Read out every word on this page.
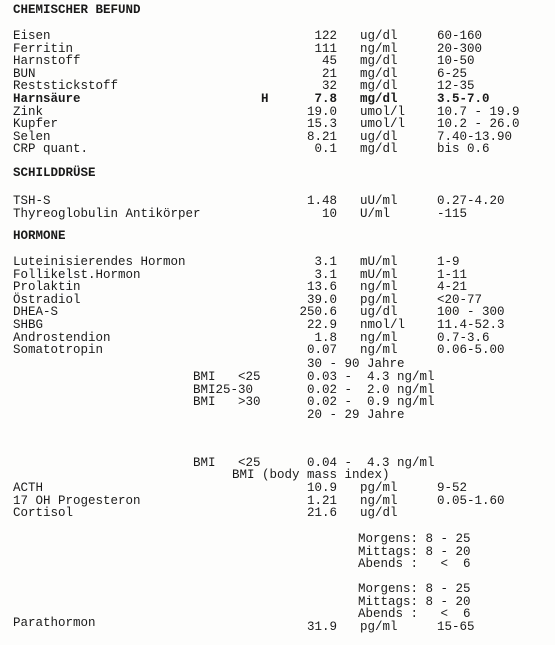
CHEMISCHER BEFUND
Eisen	122 ug/dl	60-160
Ferritin	111 ng/ml	20-300
Harnstoff	45 mg/dl	10-50
BUN	21 mg/dl	6-25
Reststickstoff	32 mg/dl	12-35
Harnsäure	H	7.8 mg/dl	3.5-7.0
Zink	19.0 umol/l	10.7 - 19.9
Kupfer	15.3 umol/l	10.2 - 26.0
Selen	8.21 ug/dl	7.40-13.90
CRP quant.	0.1 mg/dl	bis 0.6
SCHILDDRÜSE
TSH-S	1.48 uU/ml	0.27-4.20
Thyreoglobulin Antikörper	10 U/ml	-115
HORMONE
Luteinisierendes Hormon	3.1 mU/ml	1-9
Follikelst.Hormon	3.1 mU/ml	1-11
Prolaktin	13.6 ng/ml	4-21
Östradiol	39.0 pg/ml	<20-77
DHEA-S	250.6 ug/dl	100 - 300
SHBG	22.9 nmol/l	11.4-52.3
Androstendion	1.8 ng/ml	0.7-3.6
Somatotropin	0.07 ng/ml	0.06-5.00
30 - 90 Jahre
BMI   <25	0.03 -  4.3 ng/ml
BMI25-30	0.02 -  2.0 ng/ml
BMI   >30	0.02 -  0.9 ng/ml
20 - 29 Jahre
BMI   <25	0.04 -  4.3 ng/ml
BMI (body mass index)
ACTH	10.9 pg/ml	9-52
17 OH Progesteron	1.21 ng/ml	0.05-1.60
Cortisol	21.6 ug/dl
Morgens: 8 - 25
Mittags: 8 - 20
Abends :   <  6
Morgens: 8 - 25
Mittags: 8 - 20
Abends :   <  6
Parathormon	31.9 pg/ml	15-65
